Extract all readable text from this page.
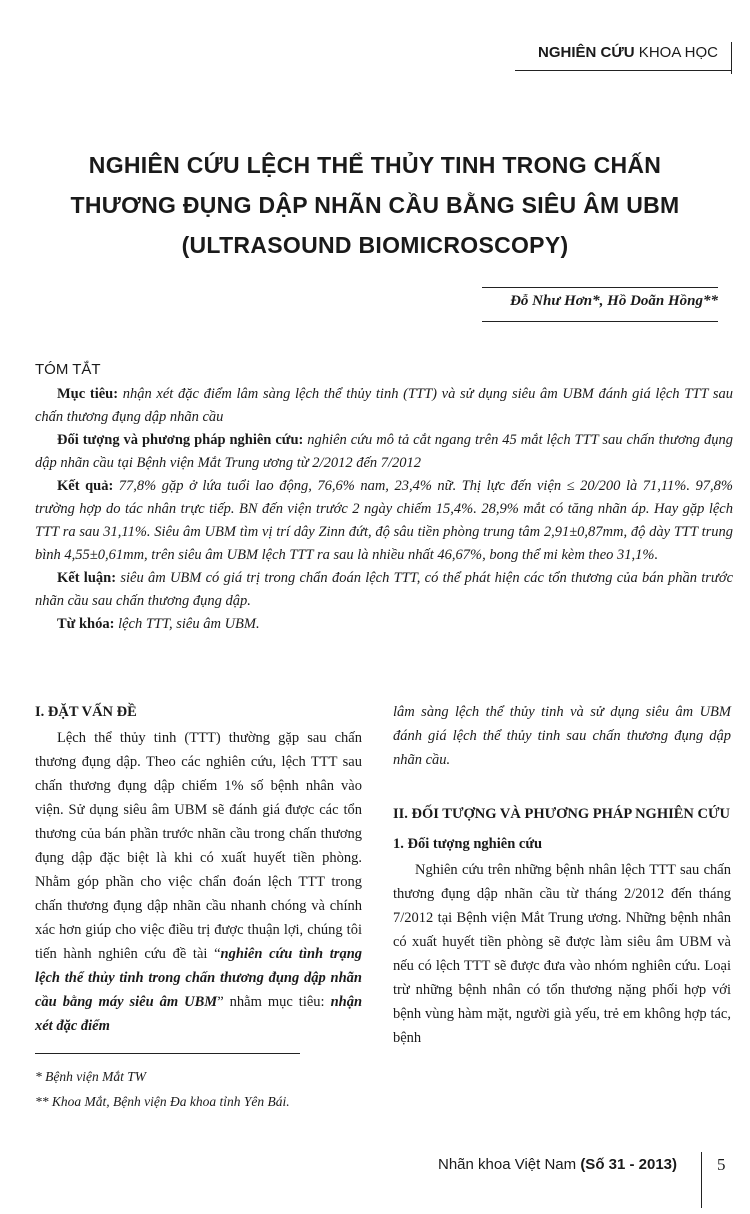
NGHIÊN CỨU KHOA HỌC
NGHIÊN CỨU LỆCH THỂ THỦY TINH TRONG CHẤN
THƯƠNG ĐỤNG DẬP NHÃN CẦU BẰNG SIÊU ÂM UBM
(ULTRASOUND BIOMICROSCOPY)
Đỗ Như Hơn*, Hồ Doãn Hồng**
TÓM TẮT

Mục tiêu: nhận xét đặc điểm lâm sàng lệch thể thủy tinh (TTT) và sử dụng siêu âm UBM đánh giá lệch TTT sau chấn thương đụng dập nhãn cầu

Đối tượng và phương pháp nghiên cứu: nghiên cứu mô tả cắt ngang trên 45 mắt lệch TTT sau chấn thương đụng dập nhãn cầu tại Bệnh viện Mắt Trung ương từ 2/2012 đến 7/2012

Kết quả: 77,8% gặp ở lứa tuổi lao động, 76,6% nam, 23,4% nữ. Thị lực đến viện ≤ 20/200 là 71,11%. 97,8% trường hợp do tác nhân trực tiếp. BN đến viện trước 2 ngày chiếm 15,4%. 28,9% mắt có tăng nhãn áp. Hay gặp lệch TTT ra sau 31,11%. Siêu âm UBM tìm vị trí dây Zinn đứt, độ sâu tiền phòng trung tâm 2,91±0,87mm, độ dày TTT trung bình 4,55±0,61mm, trên siêu âm UBM lệch TTT ra sau là nhiều nhất 46,67%, bong thể mi kèm theo 31,1%.

Kết luận: siêu âm UBM có giá trị trong chẩn đoán lệch TTT, có thể phát hiện các tổn thương của bán phần trước nhãn cầu sau chấn thương đụng dập.

Từ khóa: lệch TTT, siêu âm UBM.

I. ĐẶT VẤN ĐỀ

Lệch thể thủy tinh (TTT) thường gặp sau chấn thương đụng dập. Theo các nghiên cứu, lệch TTT sau chấn thương đụng dập chiếm 1% số bệnh nhân vào viện. Sử dụng siêu âm UBM sẽ đánh giá được các tổn thương của bán phần trước nhãn cầu trong chấn thương đụng dập đặc biệt là khi có xuất huyết tiền phòng. Nhằm góp phần cho việc chẩn đoán lệch TTT trong chấn thương đụng dập nhãn cầu nhanh chóng và chính xác hơn giúp cho việc điều trị được thuận lợi, chúng tôi tiến hành nghiên cứu đề tài “nghiên cứu tình trạng lệch thể thủy tinh trong chấn thương đụng dập nhãn cầu bằng máy siêu âm UBM” nhằm mục tiêu: nhận xét đặc điểm

lâm sàng lệch thể thủy tinh và sử dụng siêu âm UBM đánh giá lệch thể thủy tinh sau chấn thương đụng dập nhãn cầu.

II. ĐỐI TƯỢNG VÀ PHƯƠNG PHÁP NGHIÊN CỨU
1. Đối tượng nghiên cứu

Nghiên cứu trên những bệnh nhân lệch TTT sau chấn thương đụng dập nhãn cầu từ tháng 2/2012 đến tháng 7/2012 tại Bệnh viện Mắt Trung ương. Những bệnh nhân có xuất huyết tiền phòng sẽ được làm siêu âm UBM và nếu có lệch TTT sẽ được đưa vào nhóm nghiên cứu. Loại trừ những bệnh nhân có tổn thương nặng phối hợp với bệnh vùng hàm mặt, người già yếu, trẻ em không hợp tác, bệnh

* Bệnh viện Mắt TW
** Khoa Mắt, Bệnh viện Đa khoa tỉnh Yên Bái.
Nhãn khoa Việt Nam (Số 31 - 2013) 5
